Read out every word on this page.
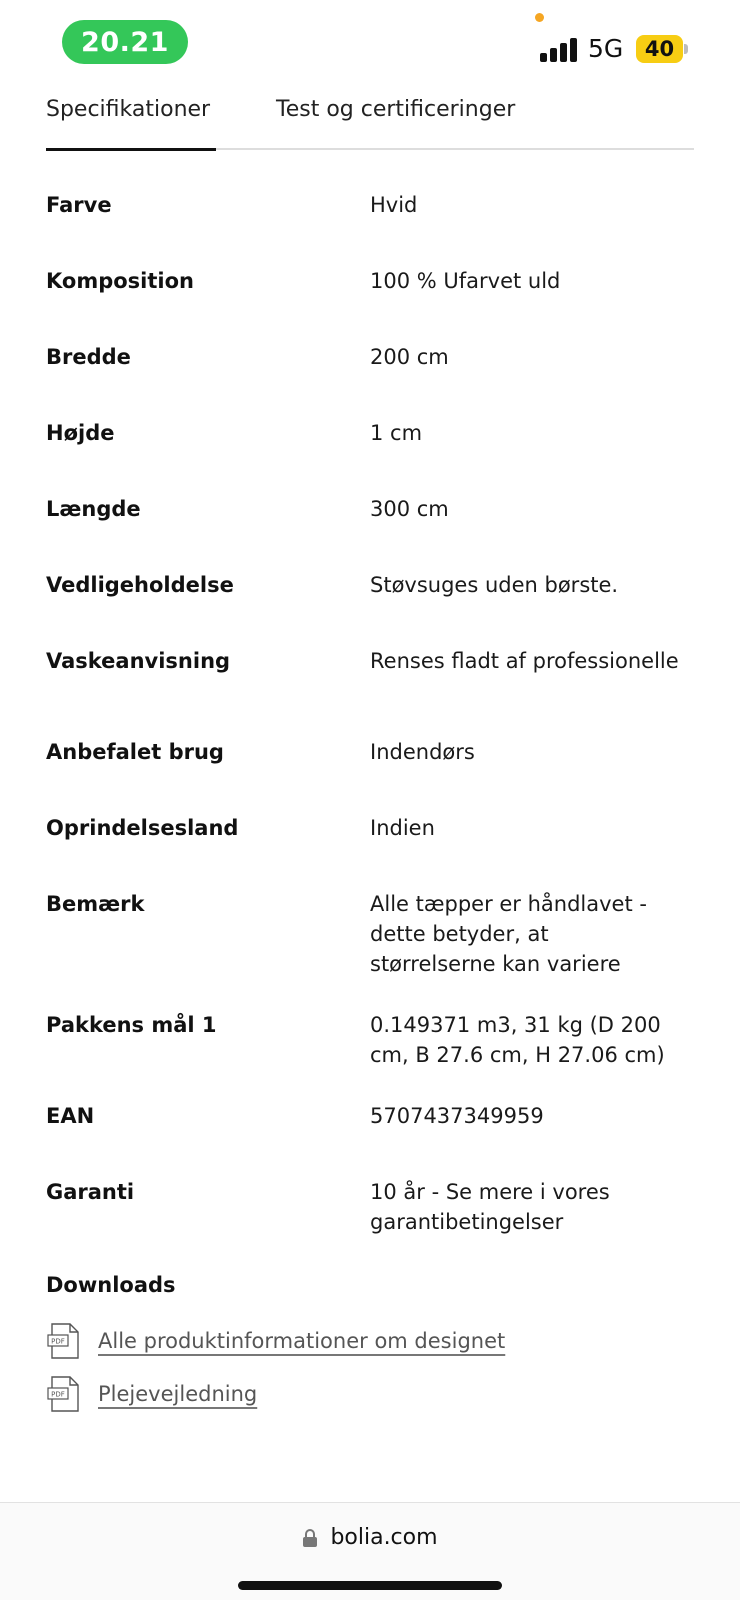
20.21	5G	40
Specifikationer	Test og certificeringer
Farve	Hvid
Komposition	100 % Ufarvet uld
Bredde	200 cm
Højde	1 cm
Længde	300 cm
Vedligeholdelse	Støvsuges uden børste.
Vaskeanvisning	Renses fladt af professionelle
Anbefalet brug	Indendørs
Oprindelsesland	Indien
Bemærk	Alle tæpper er håndlavet - dette betyder, at størrelserne kan variere
Pakkens mål 1	0.149371 m3, 31 kg (D 200 cm, B 27.6 cm, H 27.06 cm)
EAN	5707437349959
Garanti	10 år - Se mere i vores garantibetingelser
Downloads
PDF Alle produktinformationer om designet
PDF Plejevejledning
bolia.com
